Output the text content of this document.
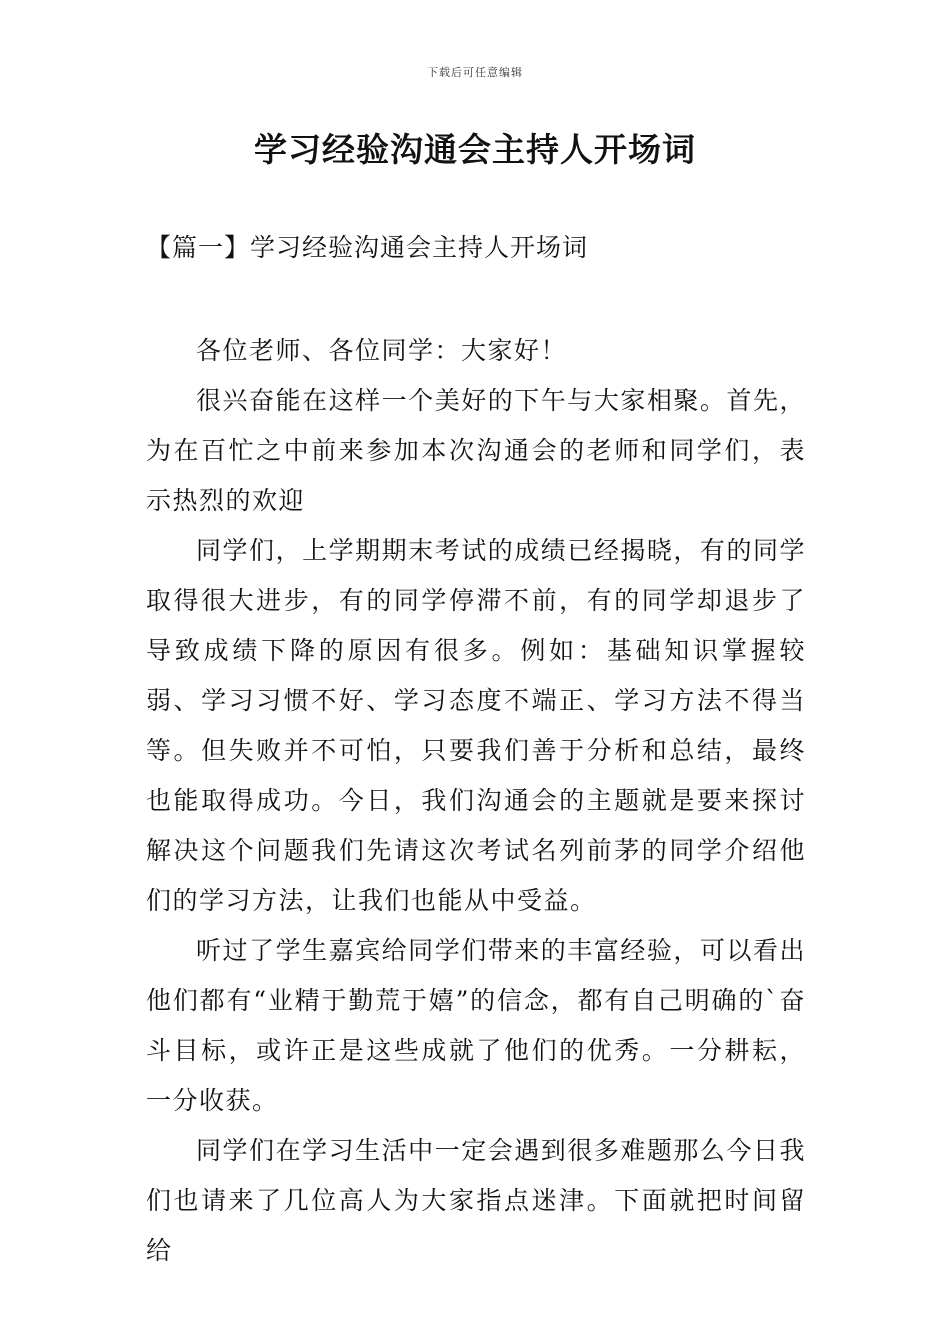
下载后可任意编辑
学习经验沟通会主持人开场词
【篇一】学习经验沟通会主持人开场词

各位老师、各位同学：大家好！

很兴奋能在这样一个美好的下午与大家相聚。首先，为在百忙之中前来参加本次沟通会的老师和同学们，表示热烈的欢迎

同学们，上学期期末考试的成绩已经揭晓，有的同学取得很大进步，有的同学停滞不前，有的同学却退步了导致成绩下降的原因有很多。例如：基础知识掌握较弱、学习习惯不好、学习态度不端正、学习方法不得当等。但失败并不可怕，只要我们善于分析和总结，最终也能取得成功。今日，我们沟通会的主题就是要来探讨解决这个问题我们先请这次考试名列前茅的同学介绍他们的学习方法，让我们也能从中受益。

听过了学生嘉宾给同学们带来的丰富经验，可以看出他们都有“业精于勤荒于嬉”的信念，都有自己明确的`奋斗目标，或许正是这些成就了他们的优秀。一分耕耘，一分收获。

同学们在学习生活中一定会遇到很多难题那么今日我们也请来了几位高人为大家指点迷津。下面就把时间留给
